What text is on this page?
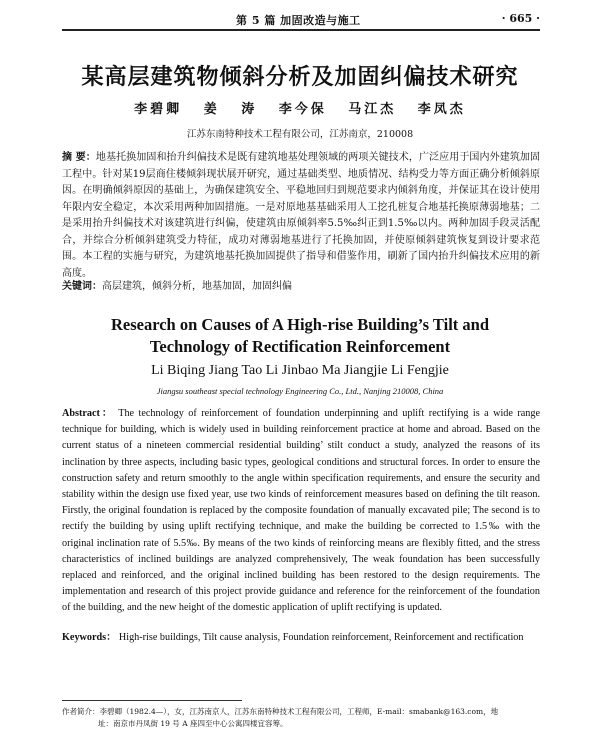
第 5 篇 加固改造与施工	· 665 ·
某高层建筑物倾斜分析及加固纠偏技术研究
李碧卿 姜 涛 李今保 马江杰 李凤杰
江苏东南特种技术工程有限公司，江苏南京，210008
摘 要：地基托换加固和抬升纠偏技术是既有建筑地基处理领域的两项关键技术，广泛应用于国内外建筑加固工程中。针对某19层商住楼倾斜现状展开研究，通过基础类型、地质情况、结构受力等方面正确分析倾斜原因。在明确倾斜原因的基础上，为确保建筑安全、平稳地回归到规范要求内倾斜角度，并保证其在设计使用年限内安全稳定，本次采用两种加固措施。一是对原地基基础采用人工挖孔桩复合地基托换原薄弱地基；二是采用抬升纠偏技术对该建筑进行纠偏，使建筑由原倾斜率5.5‰纠正到1.5‰以内。两种加固手段灵活配合，并综合分析倾斜建筑受力特征，成功对薄弱地基进行了托换加固，并使原倾斜建筑恢复到设计要求范围。本工程的实施与研究，为建筑地基托换加固提供了指导和借鉴作用，刷新了国内抬升纠偏技术应用的新高度。
关键词：高层建筑，倾斜分析，地基加固，加固纠偏
Research on Causes of A High-rise Building’s Tilt and
Technology of Rectification Reinforcement
Li Biqing Jiang Tao Li Jinbao Ma Jiangjie Li Fengjie
Jiangsu southeast special technology Engineering Co., Ltd., Nanjing 210008, China
Abstract： The technology of reinforcement of foundation underpinning and uplift rectifying is a wide range technique for building, which is widely used in building reinforcement practice at home and abroad. Based on the current status of a nineteen commercial residential building’ stilt conduct a study, analyzed the reasons of its inclination by three aspects, including basic types, geological conditions and structural forces. In order to ensure the construction safety and return smoothly to the angle within specification requirements, and ensure the security and stability within the design use fixed year, use two kinds of reinforcement measures based on defining the tilt reason. Firstly, the original foundation is replaced by the composite foundation of manually excavated pile; The second is to rectify the building by using uplift rectifying technique, and make the building be corrected to 1.5‰ with the original inclination rate of 5.5‰. By means of the two kinds of reinforcing means are flexibly fitted, and the stress characteristics of inclined buildings are analyzed comprehensively, The weak foundation has been successfully replaced and reinforced, and the original inclined building has been restored to the design requirements. The implementation and research of this project provide guidance and reference for the reinforcement of the foundation of the building, and the new height of the domestic application of uplift rectifying is updated.
Keywords： High-rise buildings, Tilt cause analysis, Foundation reinforcement, Reinforcement and rectification
作者简介：李碧卿（1982.4—），女，江苏南京人，江苏东南特种技术工程有限公司，工程师，E-mail：smabank@163.com，地
址：南京市丹凤街 19 号 A 座四至中心公寓四楼宜容筹。
